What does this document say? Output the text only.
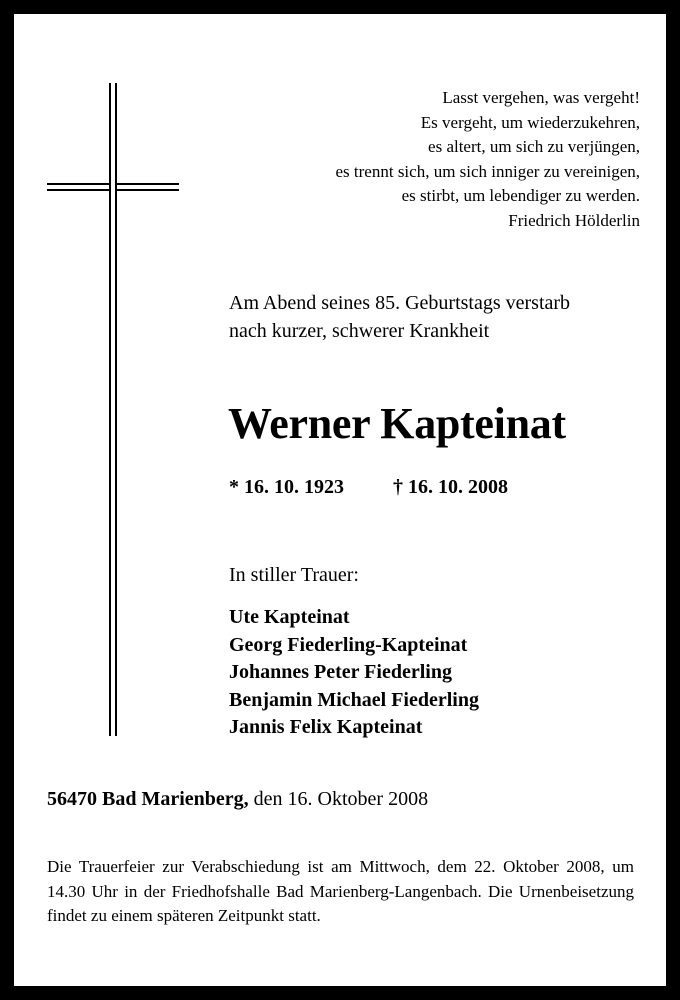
Lasst vergehen, was vergeht!
Es vergeht, um wiederzukehren,
es altert, um sich zu verjüngen,
es trennt sich, um sich inniger zu vereinigen,
es stirbt, um lebendiger zu werden.
Friedrich Hölderlin
Am Abend seines 85. Geburtstags verstarb
nach kurzer, schwerer Krankheit
Werner Kapteinat
* 16. 10. 1923 † 16. 10. 2008
In stiller Trauer:
Ute Kapteinat
Georg Fiederling-Kapteinat
Johannes Peter Fiederling
Benjamin Michael Fiederling
Jannis Felix Kapteinat
56470 Bad Marienberg, den 16. Oktober 2008
Die Trauerfeier zur Verabschiedung ist am Mittwoch, dem 22. Oktober 2008, um 14.30 Uhr in der Friedhofshalle Bad Marienberg-Langenbach. Die Urnenbeisetzung findet zu einem späteren Zeitpunkt statt.
